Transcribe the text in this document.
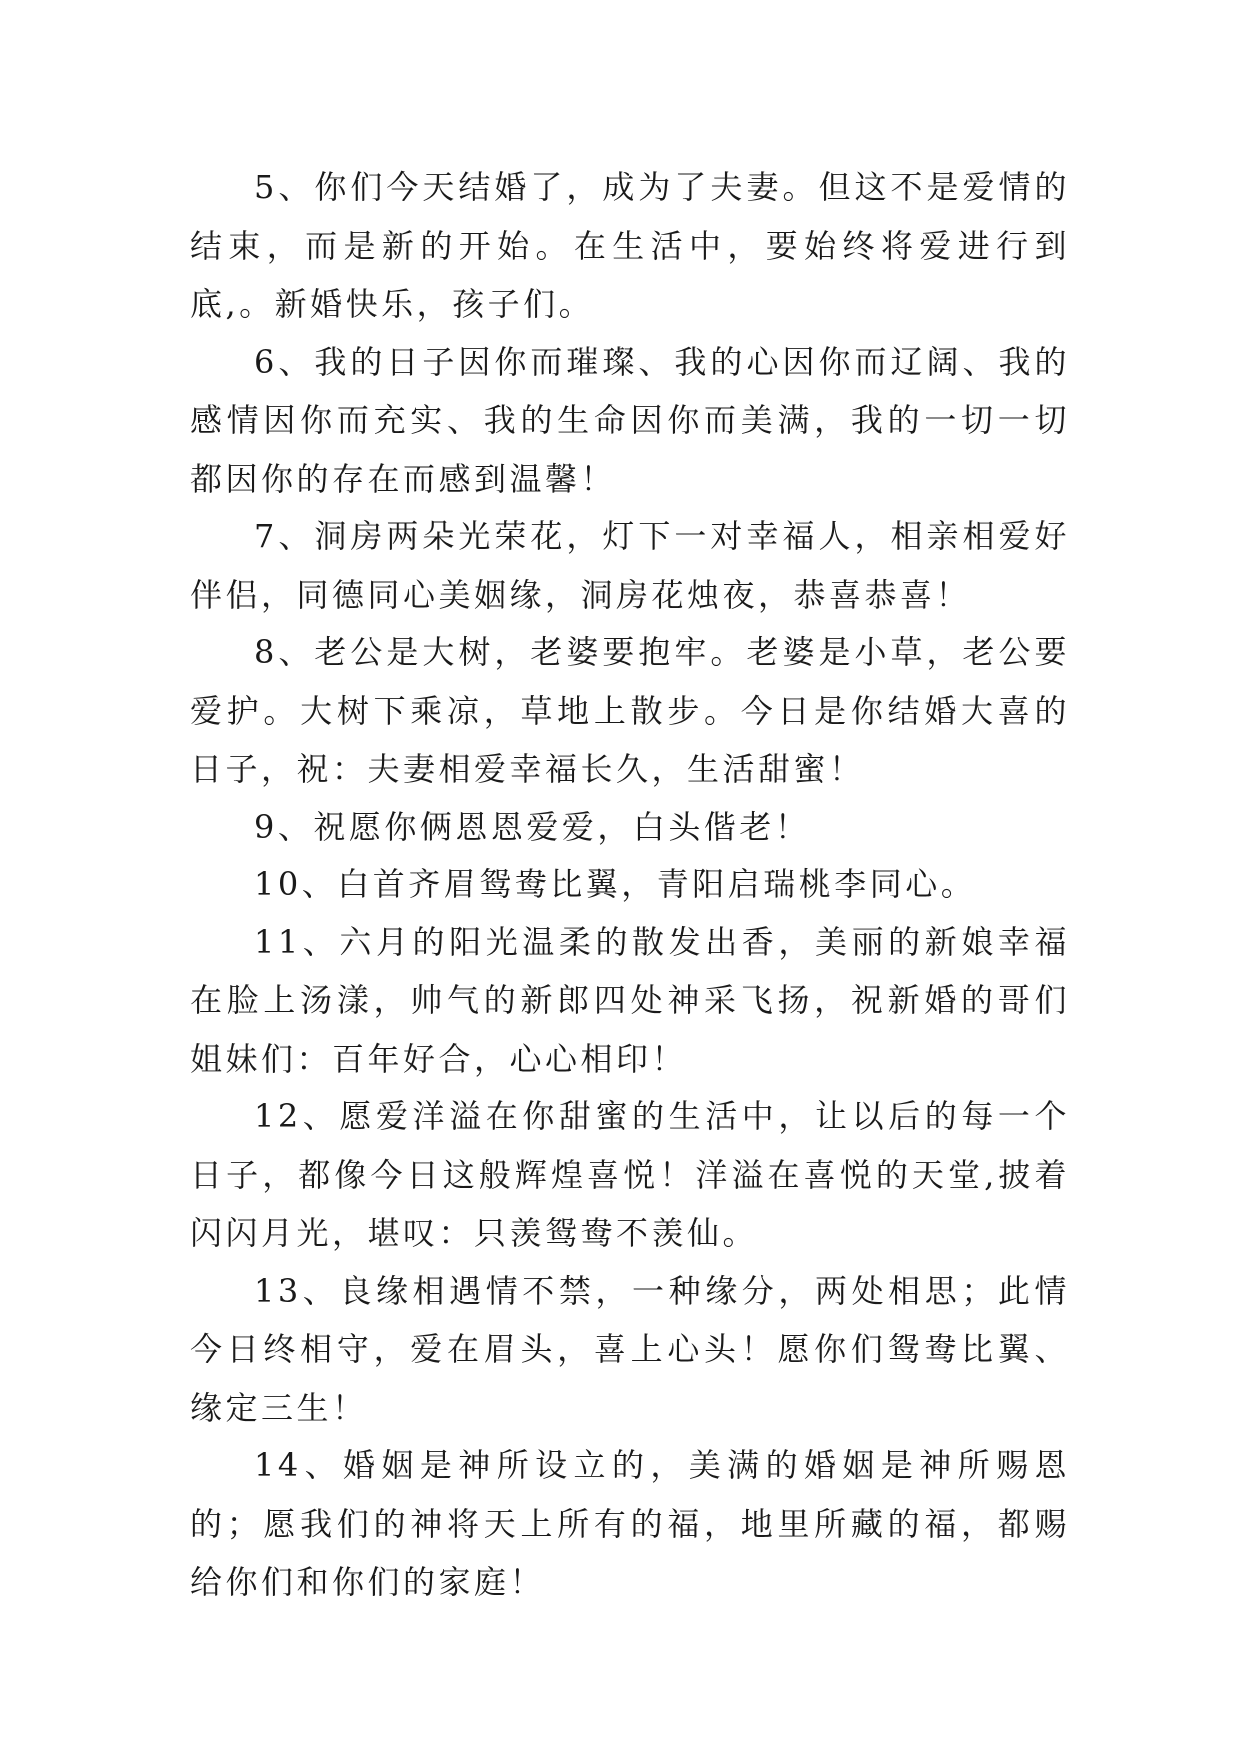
5、你们今天结婚了，成为了夫妻。但这不是爱情的结束，而是新的开始。在生活中，要始终将爱进行到底,。新婚快乐，孩子们。

6、我的日子因你而璀璨、我的心因你而辽阔、我的感情因你而充实、我的生命因你而美满，我的一切一切都因你的存在而感到温馨！

7、洞房两朵光荣花，灯下一对幸福人，相亲相爱好伴侣，同德同心美姻缘，洞房花烛夜，恭喜恭喜！

8、老公是大树，老婆要抱牢。老婆是小草，老公要爱护。大树下乘凉，草地上散步。今日是你结婚大喜的日子，祝：夫妻相爱幸福长久，生活甜蜜！

9、祝愿你俩恩恩爱爱，白头偕老！

10、白首齐眉鸳鸯比翼，青阳启瑞桃李同心。

11、六月的阳光温柔的散发出香，美丽的新娘幸福在脸上汤漾，帅气的新郎四处神采飞扬，祝新婚的哥们姐妹们：百年好合，心心相印！

12、愿爱洋溢在你甜蜜的生活中，让以后的每一个日子，都像今日这般辉煌喜悦！洋溢在喜悦的天堂,披着闪闪月光，堪叹：只羡鸳鸯不羡仙。

13、良缘相遇情不禁，一种缘分，两处相思；此情今日终相守，爱在眉头，喜上心头！愿你们鸳鸯比翼、缘定三生！

14、婚姻是神所设立的，美满的婚姻是神所赐恩的；愿我们的神将天上所有的福，地里所藏的福，都赐给你们和你们的家庭！
